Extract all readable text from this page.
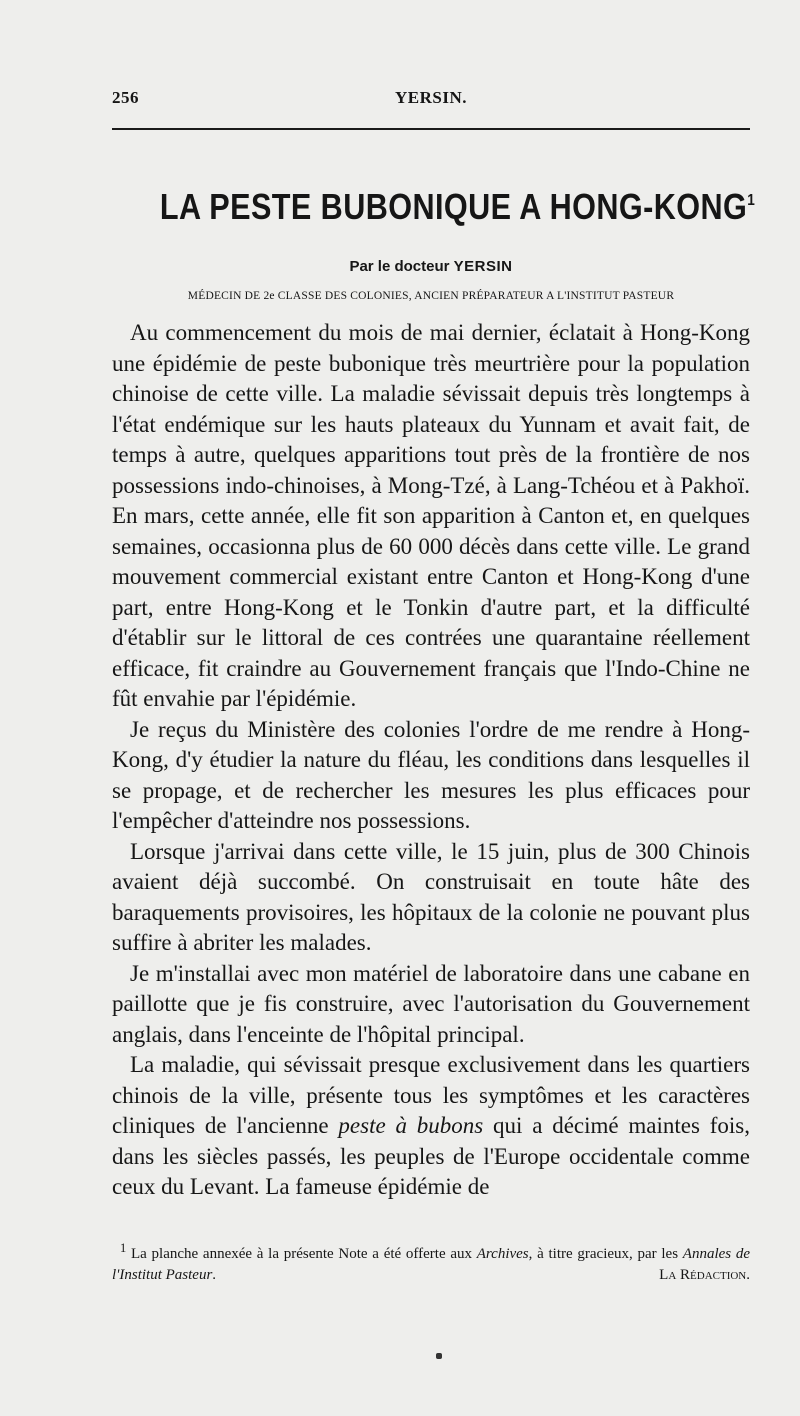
256	YERSIN.
LA PESTE BUBONIQUE A HONG-KONG$^1$
Par le docteur YERSIN
MÉDECIN DE 2e CLASSE DES COLONIES, ANCIEN PRÉPARATEUR A L'INSTITUT PASTEUR

Au commencement du mois de mai dernier, éclatait à Hong-Kong une épidémie de peste bubonique très meurtrière pour la population chinoise de cette ville. La maladie sévissait depuis très longtemps à l'état endémique sur les hauts plateaux du Yunnam et avait fait, de temps à autre, quelques apparitions tout près de la frontière de nos possessions indo-chinoises, à Mong-Tzé, à Lang-Tchéou et à Pakhoï. En mars, cette année, elle fit son apparition à Canton et, en quelques semaines, occasionna plus de 60 000 décès dans cette ville. Le grand mouvement commercial existant entre Canton et Hong-Kong d'une part, entre Hong-Kong et le Tonkin d'autre part, et la difficulté d'établir sur le littoral de ces contrées une quarantaine réellement efficace, fit craindre au Gouvernement français que l'Indo-Chine ne fût envahie par l'épidémie.

Je reçus du Ministère des colonies l'ordre de me rendre à Hong-Kong, d'y étudier la nature du fléau, les conditions dans lesquelles il se propage, et de rechercher les mesures les plus efficaces pour l'empêcher d'atteindre nos possessions.

Lorsque j'arrivai dans cette ville, le 15 juin, plus de 300 Chinois avaient déjà succombé. On construisait en toute hâte des baraquements provisoires, les hôpitaux de la colonie ne pouvant plus suffire à abriter les malades.

Je m'installai avec mon matériel de laboratoire dans une cabane en paillotte que je fis construire, avec l'autorisation du Gouvernement anglais, dans l'enceinte de l'hôpital principal.

La maladie, qui sévissait presque exclusivement dans les quartiers chinois de la ville, présente tous les symptômes et les caractères cliniques de l'ancienne peste à bubons qui a décimé maintes fois, dans les siècles passés, les peuples de l'Europe occidentale comme ceux du Levant. La fameuse épidémie de

$^1$ La planche annexée à la présente Note a été offerte aux Archives, à titre gracieux, par les Annales de l'Institut Pasteur.	La Rédaction.
